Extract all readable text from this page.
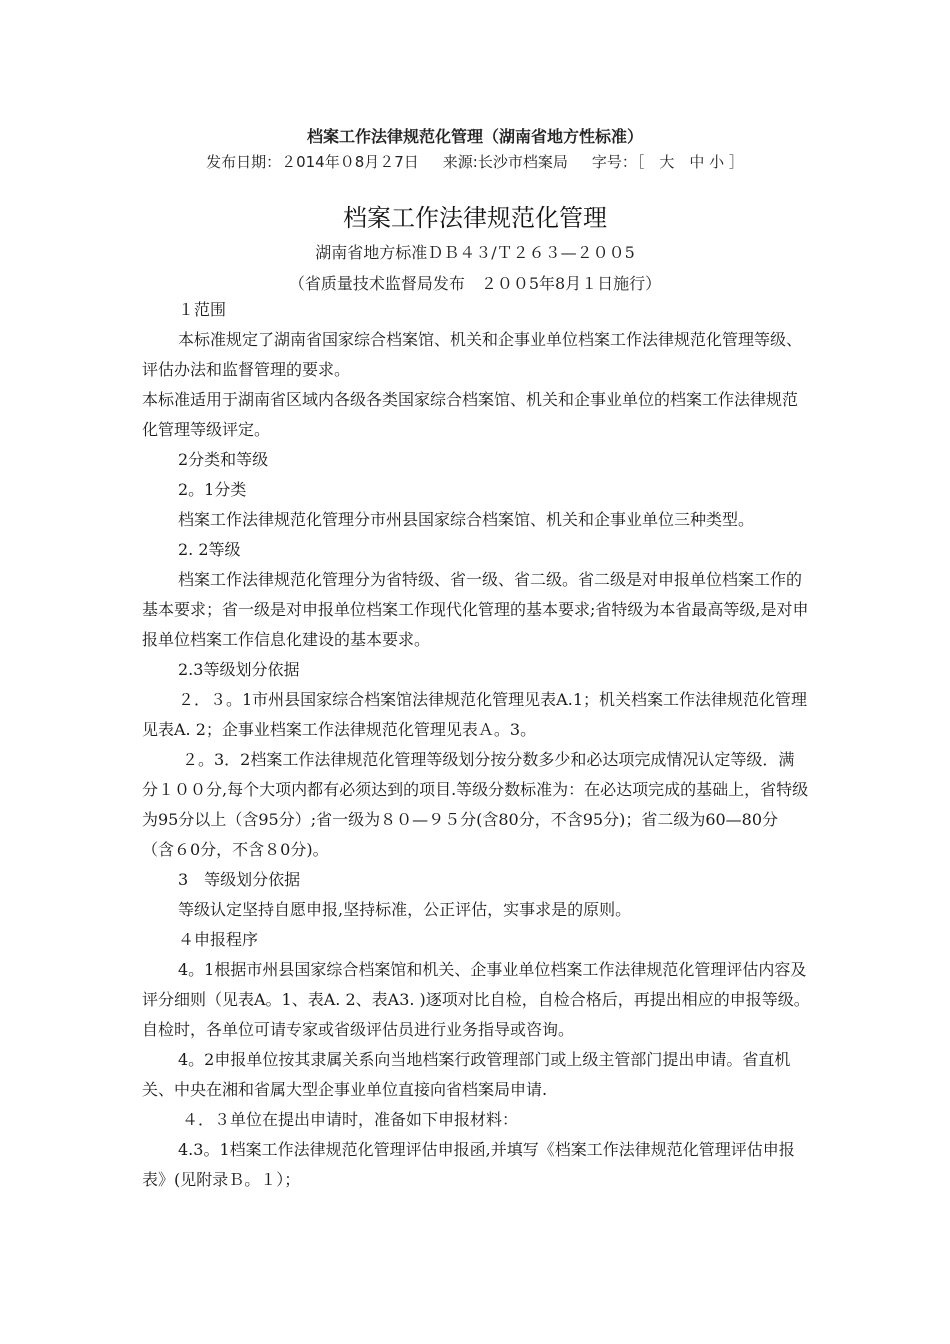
档案工作法律规范化管理（湖南省地方性标准）
发布日期：２014年０8月２7日 来源:长沙市档案局 字号：［　大　中 小 ］
档案工作法律规范化管理
湖南省地方标准ＤＢ４３/Ｔ２６３—２００5
（省质量技术监督局发布　２００5年8月１日施行）

１范围

本标准规定了湖南省国家综合档案馆、机关和企事业单位档案工作法律规范化管理等级、评估办法和监督管理的要求。

本标准适用于湖南省区域内各级各类国家综合档案馆、机关和企事业单位的档案工作法律规范化管理等级评定。

2分类和等级

2。1分类

档案工作法律规范化管理分市州县国家综合档案馆、机关和企事业单位三种类型。

2. 2等级

档案工作法律规范化管理分为省特级、省一级、省二级。省二级是对申报单位档案工作的基本要求；省一级是对申报单位档案工作现代化管理的基本要求;省特级为本省最高等级,是对申报单位档案工作信息化建设的基本要求。

2.3等级划分依据

２．３。1市州县国家综合档案馆法律规范化管理见表A.1；机关档案工作法律规范化管理见表A. 2；企事业档案工作法律规范化管理见表Ａ。3。

２。3．2档案工作法律规范化管理等级划分按分数多少和必达项完成情况认定等级．满分１００分,每个大项内都有必须达到的项目.等级分数标准为：在必达项完成的基础上，省特级为95分以上（含95分）;省一级为８０—９５分(含80分，不含95分)；省二级为60—80分（含６0分，不含８0分)。

3　等级划分依据

等级认定坚持自愿申报,坚持标准，公正评估，实事求是的原则。

４申报程序

4。1根据市州县国家综合档案馆和机关、企事业单位档案工作法律规范化管理评估内容及评分细则（见表A。1、表A. 2、表A3. )逐项对比自检，自检合格后，再提出相应的申报等级。自检时，各单位可请专家或省级评估员进行业务指导或咨询。

4。2申报单位按其隶属关系向当地档案行政管理部门或上级主管部门提出申请。省直机关、中央在湘和省属大型企事业单位直接向省档案局申请.

４．３单位在提出申请时，准备如下申报材料：

4.3。1档案工作法律规范化管理评估申报函,并填写《档案工作法律规范化管理评估申报表》(见附录Ｂ。１）；
